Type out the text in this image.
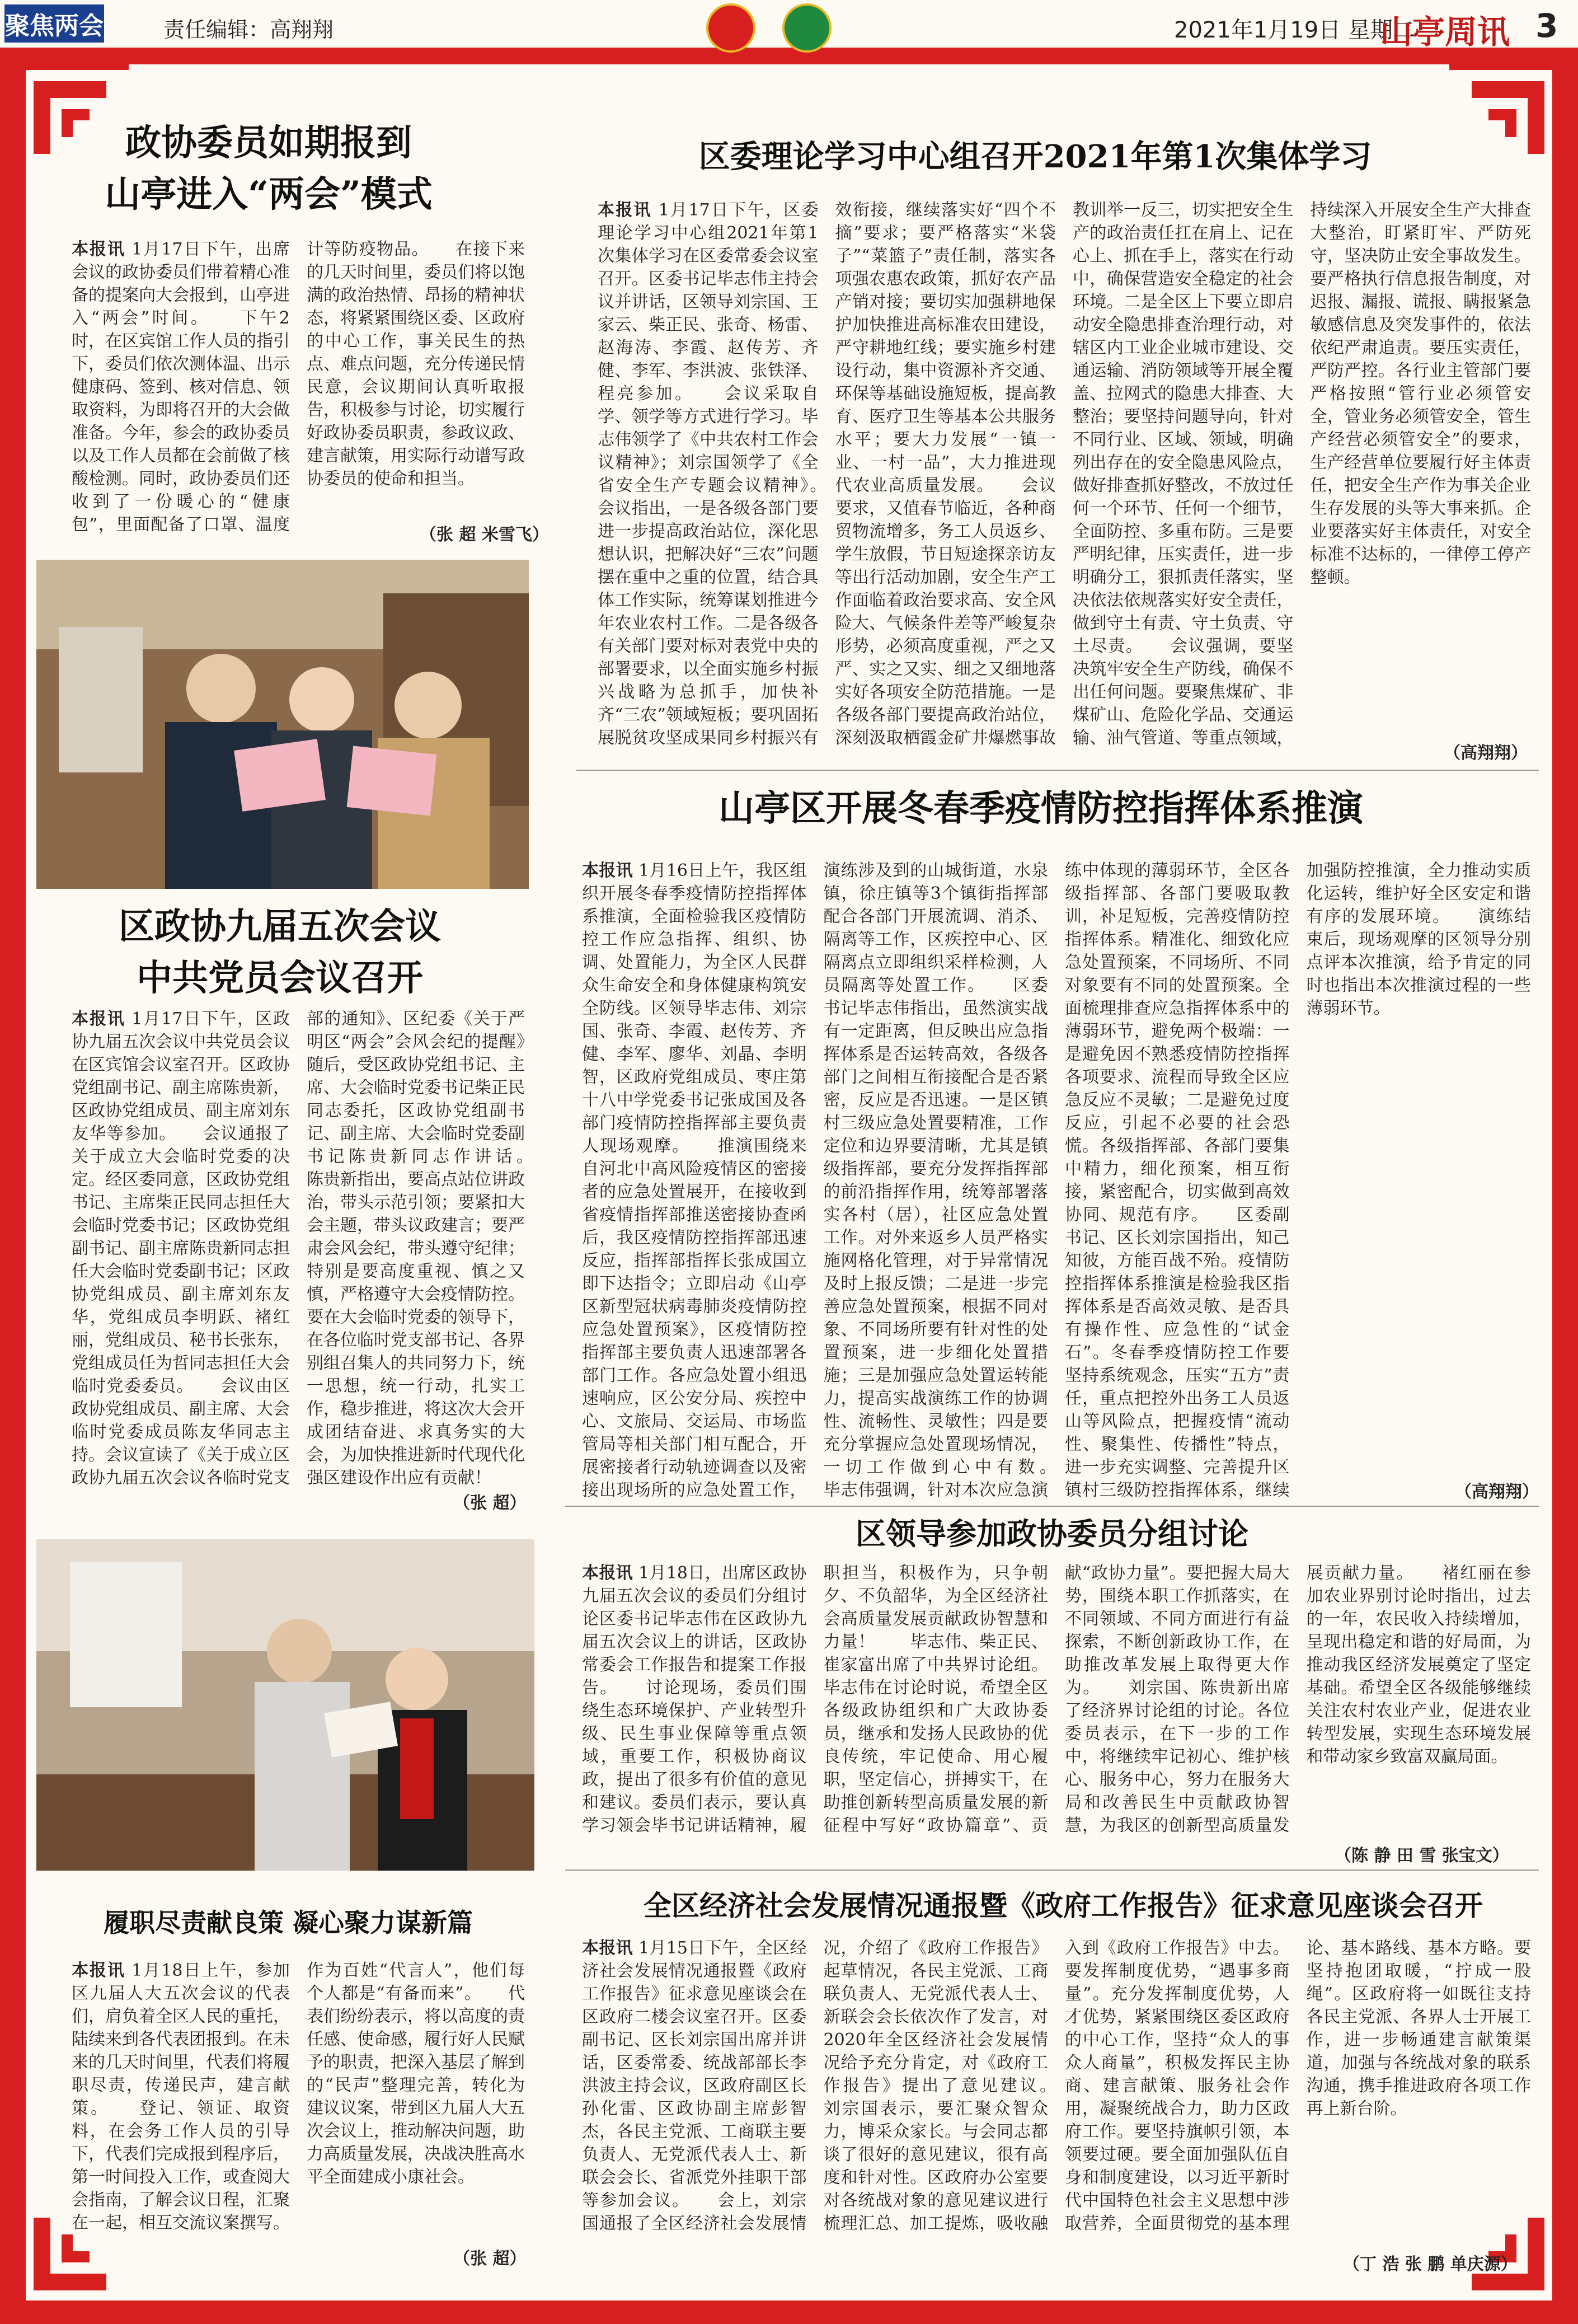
聚焦两会	责任编辑：高翔翔	2021年1月19日 星期二
山亭周讯 3
政协委员如期报到
山亭进入“两会”模式
本报讯 1月17日下午，出席会议的政协委员们带着精心准备的提案向大会报到，山亭进入“两会”时间。　　下午2时，在区宾馆工作人员的指引下，委员们依次测体温、出示健康码、签到、核对信息、领取资料，为即将召开的大会做准备。今年，参会的政协委员以及工作人员都在会前做了核酸检测。同时，政协委员们还收到了一份暖心的“健康包”，里面配备了口罩、温度计等防疫物品。　　在接下来的几天时间里，委员们将以饱满的政治热情、昂扬的精神状态，将紧紧围绕区委、区政府的中心工作，事关民生的热点、难点问题，充分传递民情民意，会议期间认真听取报告，积极参与讨论，切实履行好政协委员职责，参政议政、建言献策，用实际行动谱写政协委员的使命和担当。
（张 超 米雪飞）
区委理论学习中心组召开2021年第1次集体学习
本报讯 1月17日下午，区委理论学习中心组2021年第1次集体学习在区委常委会议室召开。区委书记毕志伟主持会议并讲话，区领导刘宗国、王家云、柴正民、张奇、杨雷、赵海涛、李霞、赵传芳、齐健、李军、李洪波、张铁泽、程亮参加。　　会议采取自学、领学等方式进行学习。毕志伟领学了《中共农村工作会议精神》；刘宗国领学了《全省安全生产专题会议精神》。　　会议指出，一是各级各部门要进一步提高政治站位，深化思想认识，把解决好“三农”问题摆在重中之重的位置，结合具体工作实际，统筹谋划推进今年农业农村工作。二是各级各有关部门要对标对表党中央的部署要求，以全面实施乡村振兴战略为总抓手，加快补齐“三农”领域短板；要巩固拓展脱贫攻坚成果同乡村振兴有效衔接，继续落实好“四个不摘”要求；要严格落实“米袋子”“菜篮子”责任制，落实各项强农惠农政策，抓好农产品产销对接；要切实加强耕地保护加快推进高标准农田建设，严守耕地红线；要实施乡村建设行动，集中资源补齐交通、环保等基础设施短板，提高教育、医疗卫生等基本公共服务水平；要大力发展“一镇一业、一村一品”，大力推进现代农业高质量发展。　　会议要求，又值春节临近，各种商贸物流增多，务工人员返乡、学生放假，节日短途探亲访友等出行活动加剧，安全生产工作面临着政治要求高、安全风险大、气候条件差等严峻复杂形势，必须高度重视，严之又严、实之又实、细之又细地落实好各项安全防范措施。一是各级各部门要提高政治站位，深刻汲取栖霞金矿井爆燃事故教训举一反三，切实把安全生产的政治责任扛在肩上、记在心上、抓在手上，落实在行动中，确保营造安全稳定的社会环境。二是全区上下要立即启动安全隐患排查治理行动，对辖区内工业企业城市建设、交通运输、消防领域等开展全覆盖、拉网式的隐患大排查、大整治；要坚持问题导向，针对不同行业、区域、领域，明确列出存在的安全隐患风险点，做好排查抓好整改，不放过任何一个环节、任何一个细节，全面防控、多重布防。三是要严明纪律，压实责任，进一步明确分工，狠抓责任落实，坚决依法依规落实好安全责任，做到守土有责、守土负责、守土尽责。　　会议强调，要坚决筑牢安全生产防线，确保不出任何问题。要聚焦煤矿、非煤矿山、危险化学品、交通运输、油气管道、等重点领域，持续深入开展安全生产大排查大整治，盯紧盯牢、严防死守，坚决防止安全事故发生。要严格执行信息报告制度，对迟报、漏报、谎报、瞒报紧急敏感信息及突发事件的，依法依纪严肃追责。要压实责任，严防严控。各行业主管部门要严格按照“管行业必须管安全，管业务必须管安全，管生产经营必须管安全”的要求，生产经营单位要履行好主体责任，把安全生产作为事关企业生存发展的头等大事来抓。企业要落实好主体责任，对安全标准不达标的，一律停工停产整顿。
（高翔翔）
区政协九届五次会议
中共党员会议召开
本报讯 1月17日下午，区政协九届五次会议中共党员会议在区宾馆会议室召开。区政协党组副书记、副主席陈贵新，区政协党组成员、副主席刘东友华等参加。　　会议通报了关于成立大会临时党委的决定。经区委同意，区政协党组书记、主席柴正民同志担任大会临时党委书记；区政协党组副书记、副主席陈贵新同志担任大会临时党委副书记；区政协党组成员、副主席刘东友华，党组成员李明跃、褚红丽，党组成员、秘书长张东，党组成员任为哲同志担任大会临时党委委员。　　会议由区政协党组成员、副主席、大会临时党委成员陈友华同志主持。会议宣读了《关于成立区政协九届五次会议各临时党支部的通知》、区纪委《关于严明区“两会”会风会纪的提醒》随后，受区政协党组书记、主席、大会临时党委书记柴正民同志委托，区政协党组副书记、副主席、大会临时党委副书记陈贵新同志作讲话。　　陈贵新指出，要高点站位讲政治，带头示范引领；要紧扣大会主题，带头议政建言；要严肃会风会纪，带头遵守纪律；特别是要高度重视、慎之又慎，严格遵守大会疫情防控。要在大会临时党委的领导下，在各位临时党支部书记、各界别组召集人的共同努力下，统一思想，统一行动，扎实工作，稳步推进，将这次大会开成团结奋进、求真务实的大会，为加快推进新时代现代化强区建设作出应有贡献！
（张 超）
山亭区开展冬春季疫情防控指挥体系推演
本报讯 1月16日上午，我区组织开展冬春季疫情防控指挥体系推演，全面检验我区疫情防控工作应急指挥、组织、协调、处置能力，为全区人民群众生命安全和身体健康构筑安全防线。区领导毕志伟、刘宗国、张奇、李霞、赵传芳、齐健、李军、廖华、刘晶、李明智，区政府党组成员、枣庄第十八中学党委书记张成国及各部门疫情防控指挥部主要负责人现场观摩。　　推演围绕来自河北中高风险疫情区的密接者的应急处置展开，在接收到省疫情指挥部推送密接协查函后，我区疫情防控指挥部迅速反应，指挥部指挥长张成国立即下达指令；立即启动《山亭区新型冠状病毒肺炎疫情防控应急处置预案》，区疫情防控指挥部主要负责人迅速部署各部门工作。各应急处置小组迅速响应，区公安分局、疾控中心、文旅局、交运局、市场监管局等相关部门相互配合，开展密接者行动轨迹调查以及密接出现场所的应急处置工作，演练涉及到的山城街道，水泉镇，徐庄镇等3个镇街指挥部配合各部门开展流调、消杀、隔离等工作，区疾控中心、区隔离点立即组织采样检测，人员隔离等处置工作。　　区委书记毕志伟指出，虽然演实战有一定距离，但反映出应急指挥体系是否运转高效，各级各部门之间相互衔接配合是否紧密，反应是否迅速。一是区镇村三级应急处置要精准，工作定位和边界要清晰，尤其是镇级指挥部，要充分发挥指挥部的前沿指挥作用，统筹部署落实各村（居），社区应急处置工作。对外来返乡人员严格实施网格化管理，对于异常情况及时上报反馈；二是进一步完善应急处置预案，根据不同对象、不同场所要有针对性的处置预案，进一步细化处置措施；三是加强应急处置运转能力，提高实战演练工作的协调性、流畅性、灵敏性；四是要充分掌握应急处置现场情况，一切工作做到心中有数。　　毕志伟强调，针对本次应急演练中体现的薄弱环节，全区各级指挥部、各部门要吸取教训，补足短板，完善疫情防控指挥体系。精准化、细致化应急处置预案，不同场所、不同对象要有不同的处置预案。全面梳理排查应急指挥体系中的薄弱环节，避免两个极端：一是避免因不熟悉疫情防控指挥各项要求、流程而导致全区应急反应不灵敏；二是避免过度反应，引起不必要的社会恐慌。各级指挥部、各部门要集中精力，细化预案，相互衔接，紧密配合，切实做到高效协同、规范有序。　　区委副书记、区长刘宗国指出，知己知彼，方能百战不殆。疫情防控指挥体系推演是检验我区指挥体系是否高效灵敏、是否具有操作性、应急性的“试金石”。冬春季疫情防控工作要坚持系统观念，压实“五方”责任，重点把控外出务工人员返山等风险点，把握疫情“流动性、聚集性、传播性”特点，进一步充实调整、完善提升区镇村三级防控指挥体系，继续加强防控推演，全力推动实质化运转，维护好全区安定和谐有序的发展环境。　　演练结束后，现场观摩的区领导分别点评本次推演，给予肯定的同时也指出本次推演过程的一些薄弱环节。
（高翔翔）
区领导参加政协委员分组讨论
本报讯 1月18日，出席区政协九届五次会议的委员们分组讨论区委书记毕志伟在区政协九届五次会议上的讲话，区政协常委会工作报告和提案工作报告。　　讨论现场，委员们围绕生态环境保护、产业转型升级、民生事业保障等重点领域，重要工作，积极协商议政，提出了很多有价值的意见和建议。委员们表示，要认真学习领会毕书记讲话精神，履职担当，积极作为，只争朝夕、不负韶华，为全区经济社会高质量发展贡献政协智慧和力量！　　毕志伟、柴正民、崔家富出席了中共界讨论组。毕志伟在讨论时说，希望全区各级政协组织和广大政协委员，继承和发扬人民政协的优良传统，牢记使命、用心履职，坚定信心，拼搏实干，在助推创新转型高质量发展的新征程中写好“政协篇章”、贡献“政协力量”。要把握大局大势，围绕本职工作抓落实，在不同领域、不同方面进行有益探索，不断创新政协工作，在助推改革发展上取得更大作为。　　刘宗国、陈贵新出席了经济界讨论组的讨论。各位委员表示，在下一步的工作中，将继续牢记初心、维护核心、服务中心，努力在服务大局和改善民生中贡献政协智慧，为我区的创新型高质量发展贡献力量。　　褚红丽在参加农业界别讨论时指出，过去的一年，农民收入持续增加，呈现出稳定和谐的好局面，为推动我区经济发展奠定了坚定基础。希望全区各级能够继续关注农村农业产业，促进农业转型发展，实现生态环境发展和带动家乡致富双赢局面。
（陈 静 田 雪 张宝文）
履职尽责献良策 凝心聚力谋新篇
本报讯 1月18日上午，参加区九届人大五次会议的代表们，肩负着全区人民的重托，陆续来到各代表团报到。在未来的几天时间里，代表们将履职尽责，传递民声，建言献策。　　登记、领证、取资料，在会务工作人员的引导下，代表们完成报到程序后，第一时间投入工作，或查阅大会指南，了解会议日程，汇聚在一起，相互交流议案撰写。作为百姓“代言人”，他们每个人都是“有备而来”。　　代表们纷纷表示，将以高度的责任感、使命感，履行好人民赋予的职责，把深入基层了解到的“民声”整理完善，转化为建议议案，带到区九届人大五次会议上，推动解决问题，助力高质量发展，决战决胜高水平全面建成小康社会。
（张 超）
全区经济社会发展情况通报暨《政府工作报告》征求意见座谈会召开
本报讯 1月15日下午，全区经济社会发展情况通报暨《政府工作报告》征求意见座谈会在区政府二楼会议室召开。区委副书记、区长刘宗国出席并讲话，区委常委、统战部部长李洪波主持会议，区政府副区长孙化雷、区政协副主席彭智杰，各民主党派、工商联主要负责人、无党派代表人士、新联会会长、省派党外挂职干部等参加会议。　　会上，刘宗国通报了全区经济社会发展情况，介绍了《政府工作报告》起草情况，各民主党派、工商联负责人、无党派代表人士、新联会会长依次作了发言，对2020年全区经济社会发展情况给予充分肯定，对《政府工作报告》提出了意见建议。　　刘宗国表示，要汇聚众智众力，博采众家长。与会同志都谈了很好的意见建议，很有高度和针对性。区政府办公室要对各统战对象的意见建议进行梳理汇总、加工提炼，吸收融入到《政府工作报告》中去。要发挥制度优势，“遇事多商量”。充分发挥制度优势，人才优势，紧紧围绕区委区政府的中心工作，坚持“众人的事众人商量”，积极发挥民主协商、建言献策、服务社会作用，凝聚统战合力，助力区政府工作。要坚持旗帜引领，本领要过硬。要全面加强队伍自身和制度建设，以习近平新时代中国特色社会主义思想中涉取营养，全面贯彻党的基本理论、基本路线、基本方略。要坚持抱团取暖，“拧成一股绳”。区政府将一如既往支持各民主党派、各界人士开展工作，进一步畅通建言献策渠道，加强与各统战对象的联系沟通，携手推进政府各项工作再上新台阶。
（丁 浩 张 鹏 单庆源）
